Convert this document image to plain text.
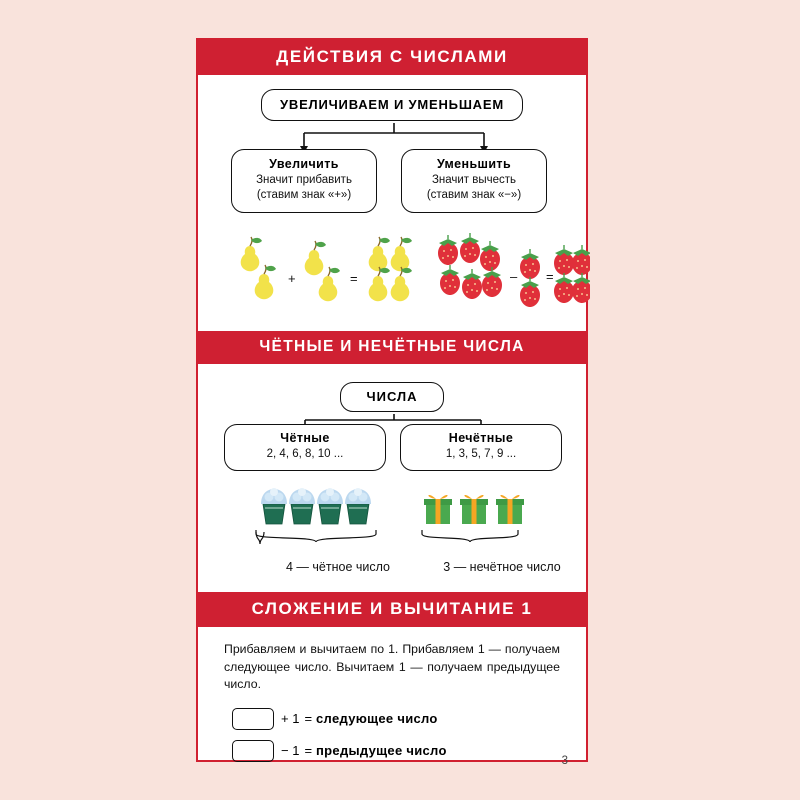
ДЕЙСТВИЯ С ЧИСЛАМИ
УВЕЛИЧИВАЕМ И УМЕНЬШАЕМ
Увеличить
Значит прибавить
(ставим знак «+»)
Уменьшить
Значит вычесть
(ставим знак «−»)
+	=	– =
ЧЁТНЫЕ И НЕЧЁТНЫЕ ЧИСЛА
ЧИСЛА
Чётные
2, 4, 6, 8, 10 ...
Нечётные
1, 3, 5, 7, 9 ...
4 — чётное число	3 — нечётное число
СЛОЖЕНИЕ И ВЫЧИТАНИЕ 1

Прибавляем и вычитаем по 1. Прибавляем 1 — получаем следующее число. Вычитаем 1 — получаем предыдущее число.

+ 1 = следующее число
− 1 = предыдущее число
3
